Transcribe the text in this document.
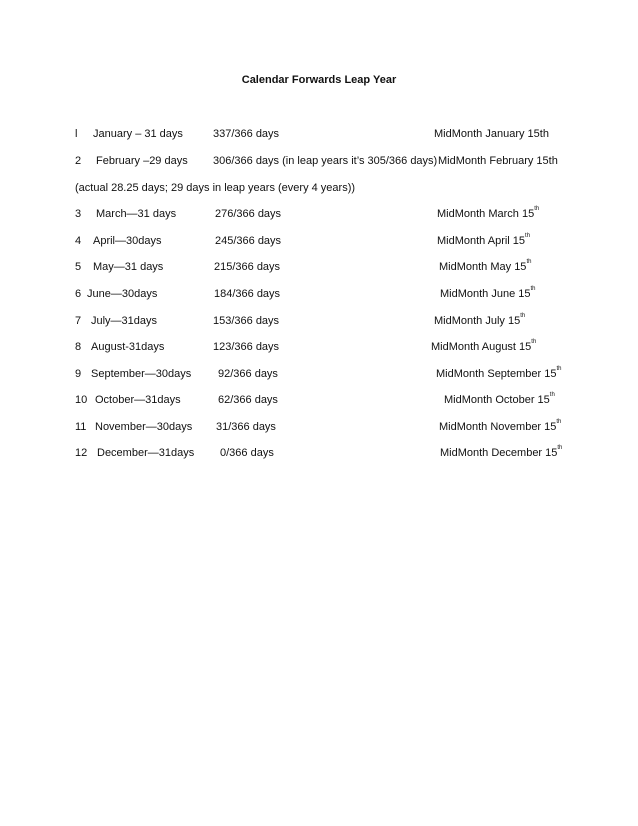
Calendar Forwards Leap Year
l January – 31 days	337/366 days	MidMonth January 15th
2 February –29 days 306/366 days (in leap years it’s 305/366 days) MidMonth February 15th
(actual 28.25 days; 29 days in leap years (every 4 years))
3 March—31 days	276/366 days	MidMonth March 15th
4 April—30days	245/366 days	MidMonth April 15th
5 May—31 days	215/366 days	MidMonth May 15th
6 June—30days	184/366 days	MidMonth June 15th
7 July—31days	153/366 days	MidMonth July 15th
8 August-31days	123/366 days	MidMonth August 15th
9 September—30days 92/366 days	MidMonth September 15th
10 October—31days	62/366 days	MidMonth October 15th
11 November—30days 31/366 days	MidMonth November 15th
12 December—31days 0/366 days	MidMonth December 15th
